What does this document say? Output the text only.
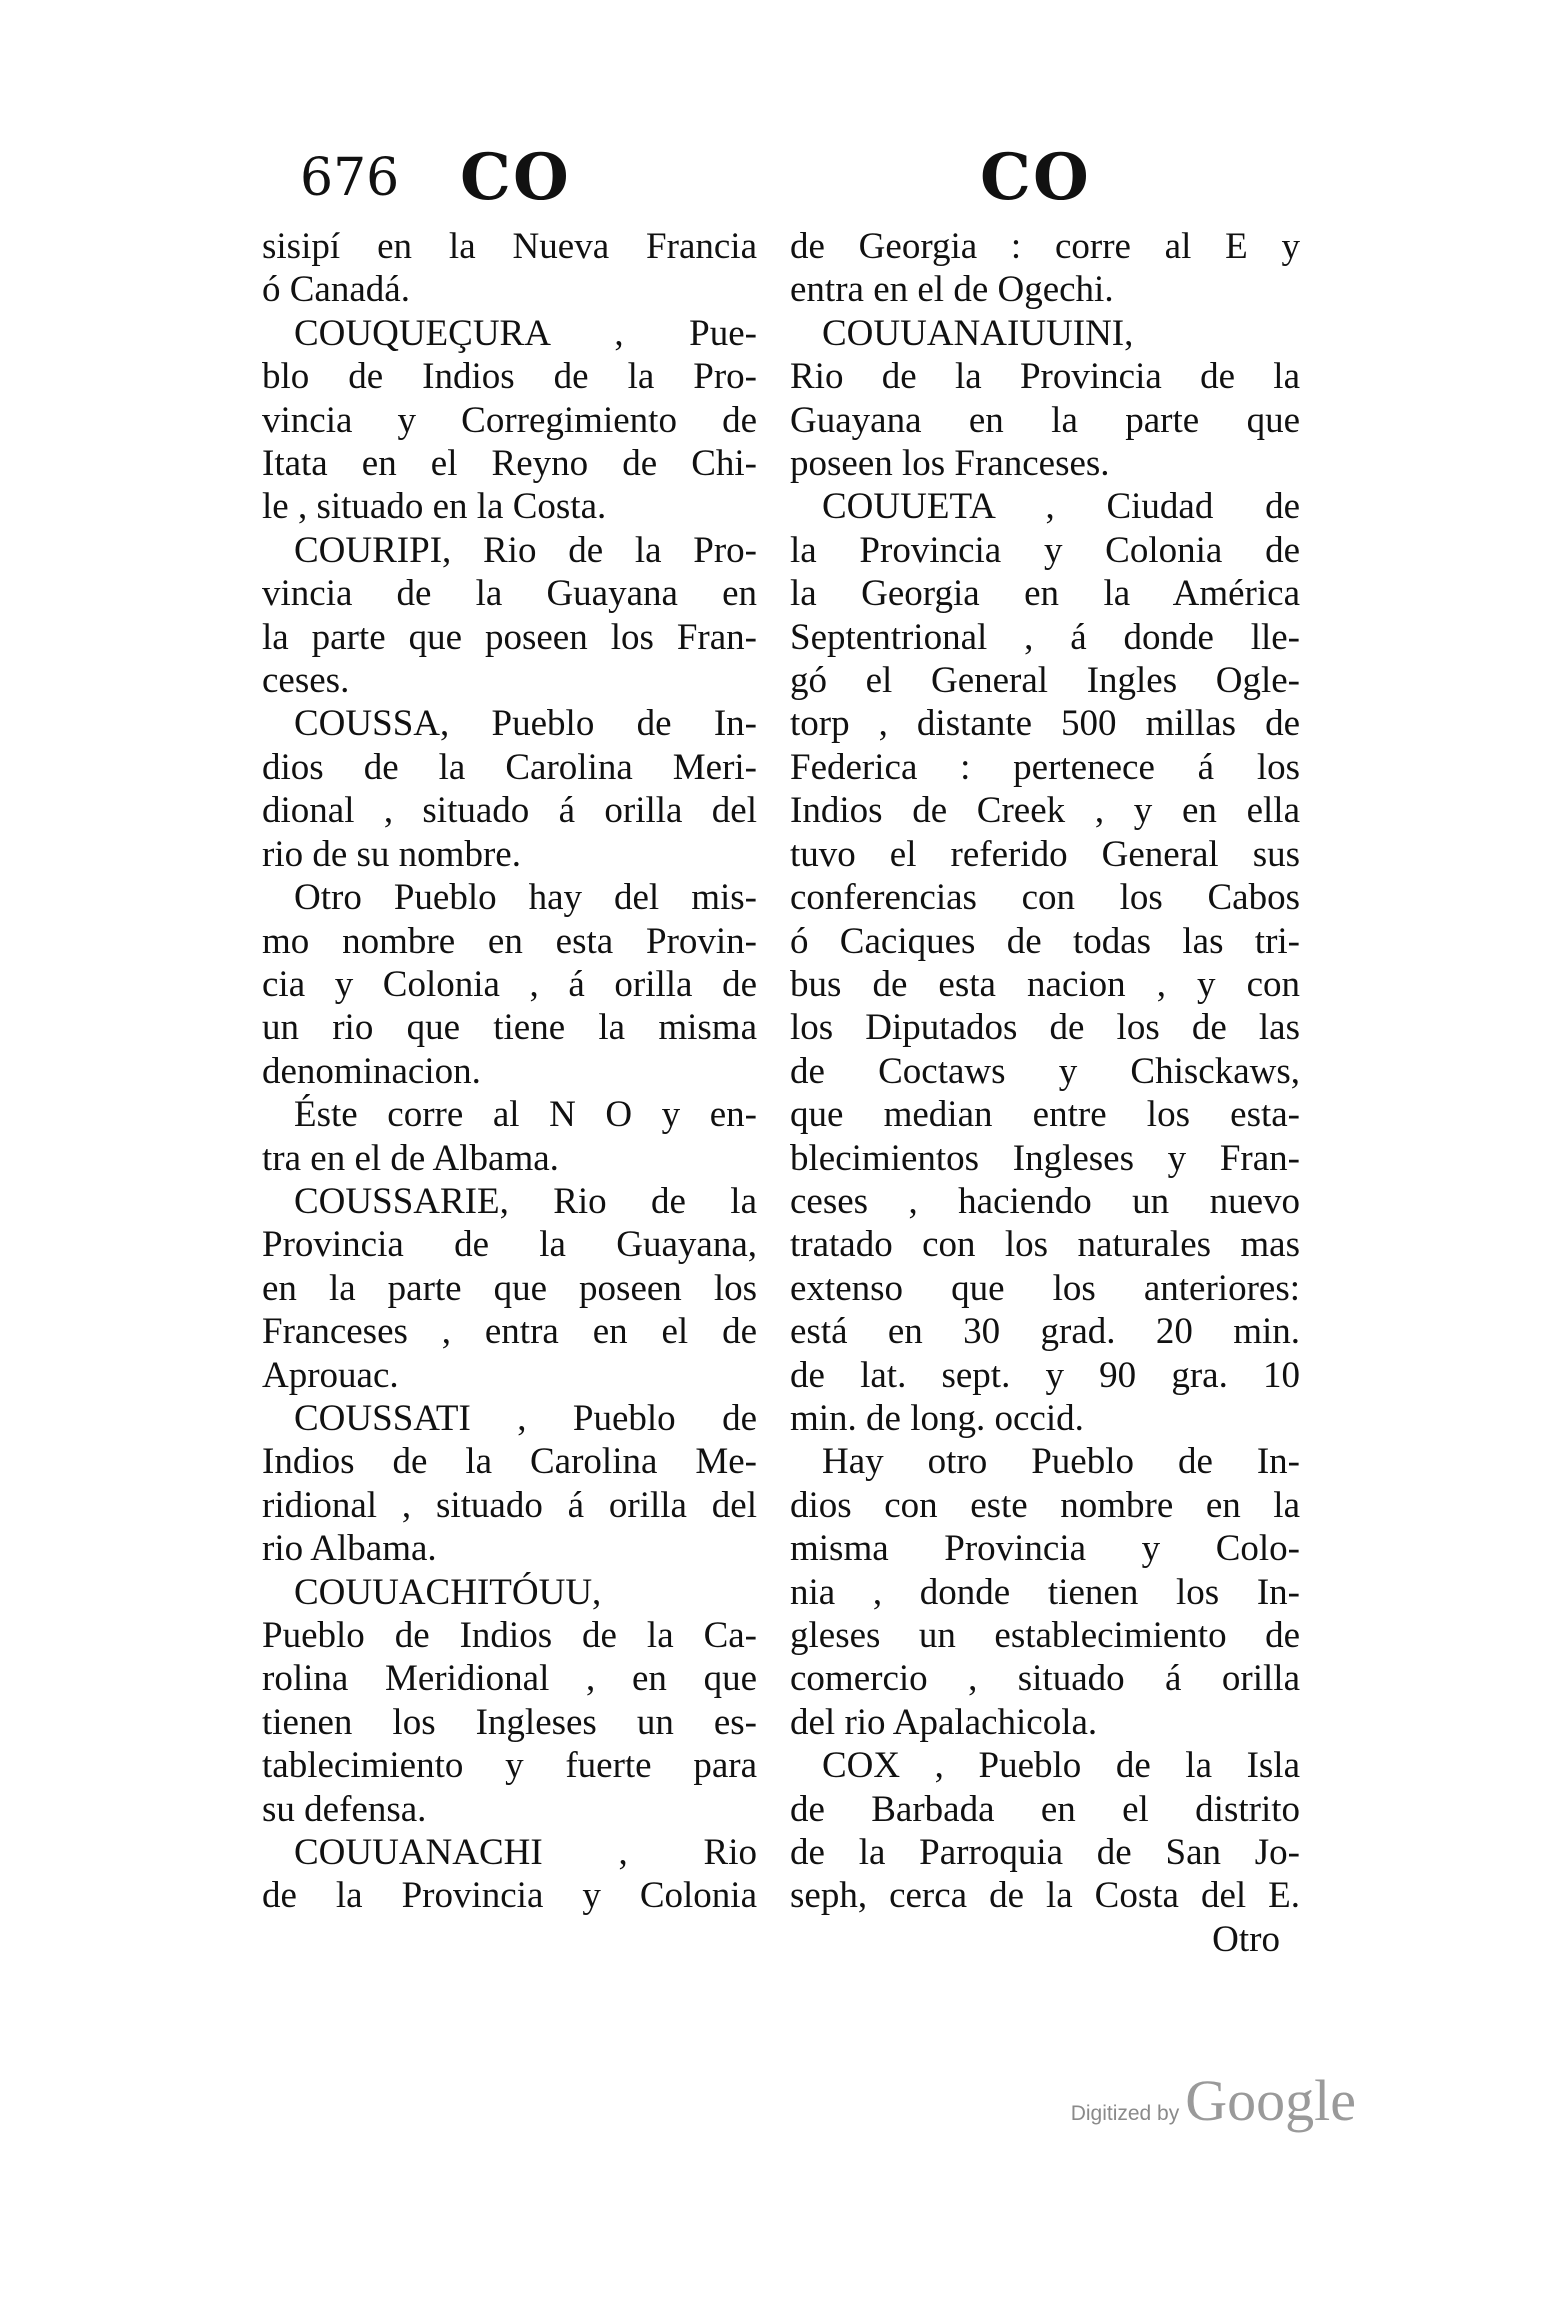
676 CO	CO
sisipí en la Nueva Francia
ó Canadá.
COUQUEÇURA , Pue-
blo de Indios de la Pro-
vincia y Corregimiento de
Itata en el Reyno de Chi-
le , situado en la Costa.
COURIPI, Rio de la Pro-
vincia de la Guayana en
la parte que poseen los Fran-
ceses.
COUSSA, Pueblo de In-
dios de la Carolina Meri-
dional , situado á orilla del
rio de su nombre.
Otro Pueblo hay del mis-
mo nombre en esta Provin-
cia y Colonia , á orilla de
un rio que tiene la misma
denominacion.
Éste corre al N O y en-
tra en el de Albama.
COUSSARIE, Rio de la
Provincia de la Guayana,
en la parte que poseen los
Franceses , entra en el de
Aprouac.
COUSSATI , Pueblo de
Indios de la Carolina Me-
ridional , situado á orilla del
rio Albama.
COUUACHITÓUU,
Pueblo de Indios de la Ca-
rolina Meridional , en que
tienen los Ingleses un es-
tablecimiento y fuerte para
su defensa.
COUUANACHI , Rio
de la Provincia y Colonia
de Georgia : corre al E y
entra en el de Ogechi.
COUUANAIUUINI,
Rio de la Provincia de la
Guayana en la parte que
poseen los Franceses.
COUUETA , Ciudad de
la Provincia y Colonia de
la Georgia en la América
Septentrional , á donde lle-
gó el General Ingles Ogle-
torp , distante 500 millas de
Federica : pertenece á los
Indios de Creek , y en ella
tuvo el referido General sus
conferencias con los Cabos
ó Caciques de todas las tri-
bus de esta nacion , y con
los Diputados de los de las
de Coctaws y Chisckaws,
que median entre los esta-
blecimientos Ingleses y Fran-
ceses , haciendo un nuevo
tratado con los naturales mas
extenso que los anteriores:
está en 30 grad. 20 min.
de lat. sept. y 90 gra. 10
min. de long. occid.
Hay otro Pueblo de In-
dios con este nombre en la
misma Provincia y Colo-
nia , donde tienen los In-
gleses un establecimiento de
comercio , situado á orilla
del rio Apalachicola.
COX , Pueblo de la Isla
de Barbada en el distrito
de la Parroquia de San Jo-
seph, cerca de la Costa del E.
Otro
Digitized by Google
